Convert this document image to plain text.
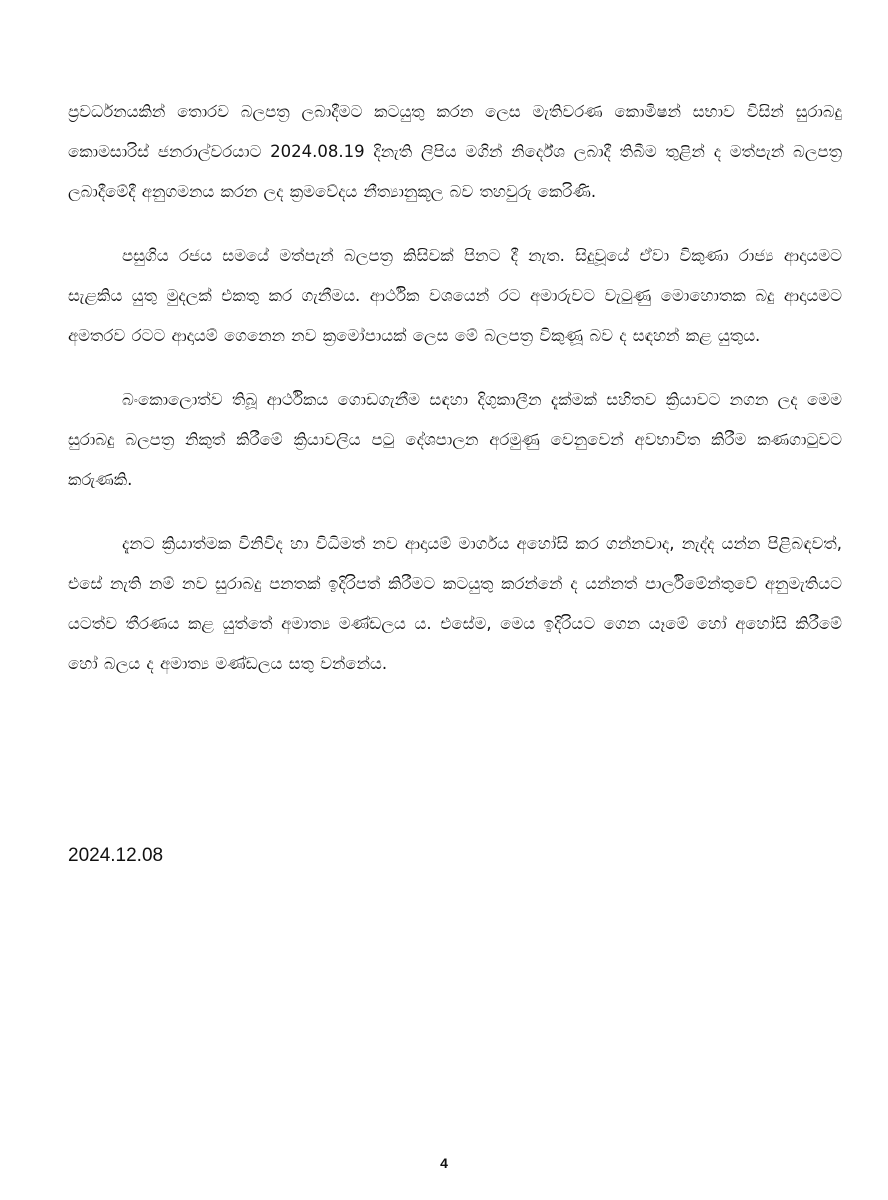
ප්‍රවර්ධනයකින් තොරව බලපත්‍ර ලබාදීමට කටයුතු කරන ලෙස මැතිවරණ කොමිෂන් සභාව විසින් සුරාබදු කොමසාරිස් ජනරාල්වරයාට 2024.08.19 දිනැති ලිපිය මගින් නිර්දේශ ලබාදී තිබීම තුළින් ද මත්පැන් බලපත්‍ර ලබාදීමේදී අනුගමනය කරන ලද ක්‍රමවේදය නීත්‍යානුකූල බව තහවුරු කෙරිණි.

පසුගිය රජය සමයේ මත්පැන් බලපත්‍ර කිසිවක් පිනට දී නැත. සිදුවූයේ ඒවා විකුණා රාජ්‍ය ආදායමට සැළකිය යුතු මුදලක් එකතු කර ගැනීමය. ආර්ථික වශයෙන් රට අමාරුවට වැටුණු මොහොතක බදු ආදායමට අමතරව රටට ආදායම් ගෙනෙන නව ක්‍රමෝපායක් ලෙස මේ බලපත්‍ර විකුණූ බව ද සඳහන් කළ යුතුය.

බංකොලොත්ව තිබූ ආර්ථිකය ගොඩගැනීම සඳහා දිගුකාලීන දැක්මක් සහිතව ක්‍රියාවට නගන ලද මෙම සුරාබදු බලපත්‍ර නිකුත් කිරීමේ ක්‍රියාවලිය පටු දේශපාලන අරමුණු වෙනුවෙන් අවභාවිත කිරීම කණගාටුවට කරුණකි.

දැනට ක්‍රියාත්මක විනිවිද හා විධිමත් නව ආදායම් මාර්ගය අහෝසි කර ගන්නවාද, නැද්ද යන්න පිළිබඳවත්, එසේ නැති නම් නව සුරාබදු පනතක් ඉදිරිපත් කිරීමට කටයුතු කරන්නේ ද යන්නත් පාර්ලිමේන්තුවේ අනුමැතියට යටත්ව තීරණය කළ යුත්තේ අමාත්‍ය මණ්ඩලය ය. එසේම, මෙය ඉදිරියට ගෙන යෑමේ හෝ අහෝසි කිරීමේ හෝ බලය ද අමාත්‍ය මණ්ඩලය සතු වන්නේය.

2024.12.08

4
